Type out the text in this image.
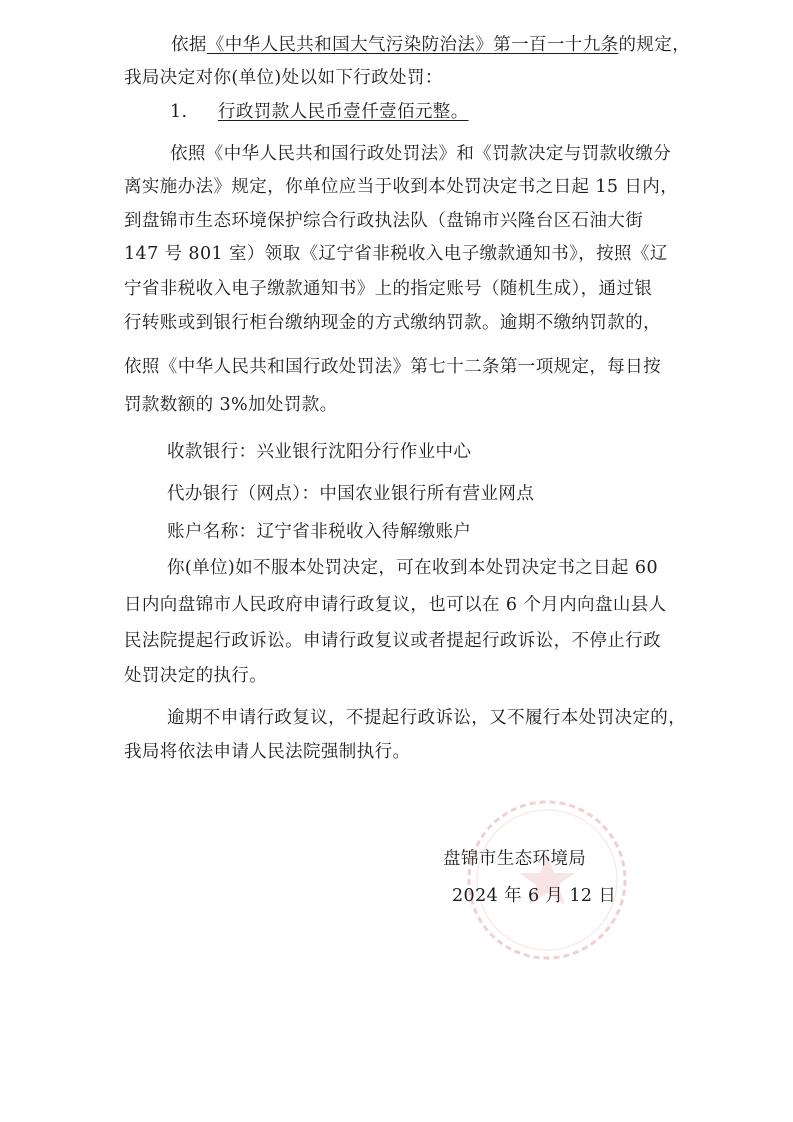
依据《中华人民共和国大气污染防治法》第一百一十九条的规定，
我局决定对你(单位)处以如下行政处罚：
1. 行政罚款人民币壹仟壹佰元整。
依照《中华人民共和国行政处罚法》和《罚款决定与罚款收缴分
离实施办法》规定，你单位应当于收到本处罚决定书之日起 15 日内，
到盘锦市生态环境保护综合行政执法队（盘锦市兴隆台区石油大街
147 号 801 室）领取《辽宁省非税收入电子缴款通知书》，按照《辽
宁省非税收入电子缴款通知书》上的指定账号（随机生成），通过银
行转账或到银行柜台缴纳现金的方式缴纳罚款。逾期不缴纳罚款的，
依照《中华人民共和国行政处罚法》第七十二条第一项规定，每日按
罚款数额的 3%加处罚款。
收款银行：兴业银行沈阳分行作业中心
代办银行（网点）：中国农业银行所有营业网点
账户名称：辽宁省非税收入待解缴账户
你(单位)如不服本处罚决定，可在收到本处罚决定书之日起 60
日内向盘锦市人民政府申请行政复议，也可以在 6 个月内向盘山县人
民法院提起行政诉讼。申请行政复议或者提起行政诉讼，不停止行政
处罚决定的执行。
逾期不申请行政复议，不提起行政诉讼，又不履行本处罚决定的，
我局将依法申请人民法院强制执行。
盘锦市生态环境局
2024 年 6 月 12 日
